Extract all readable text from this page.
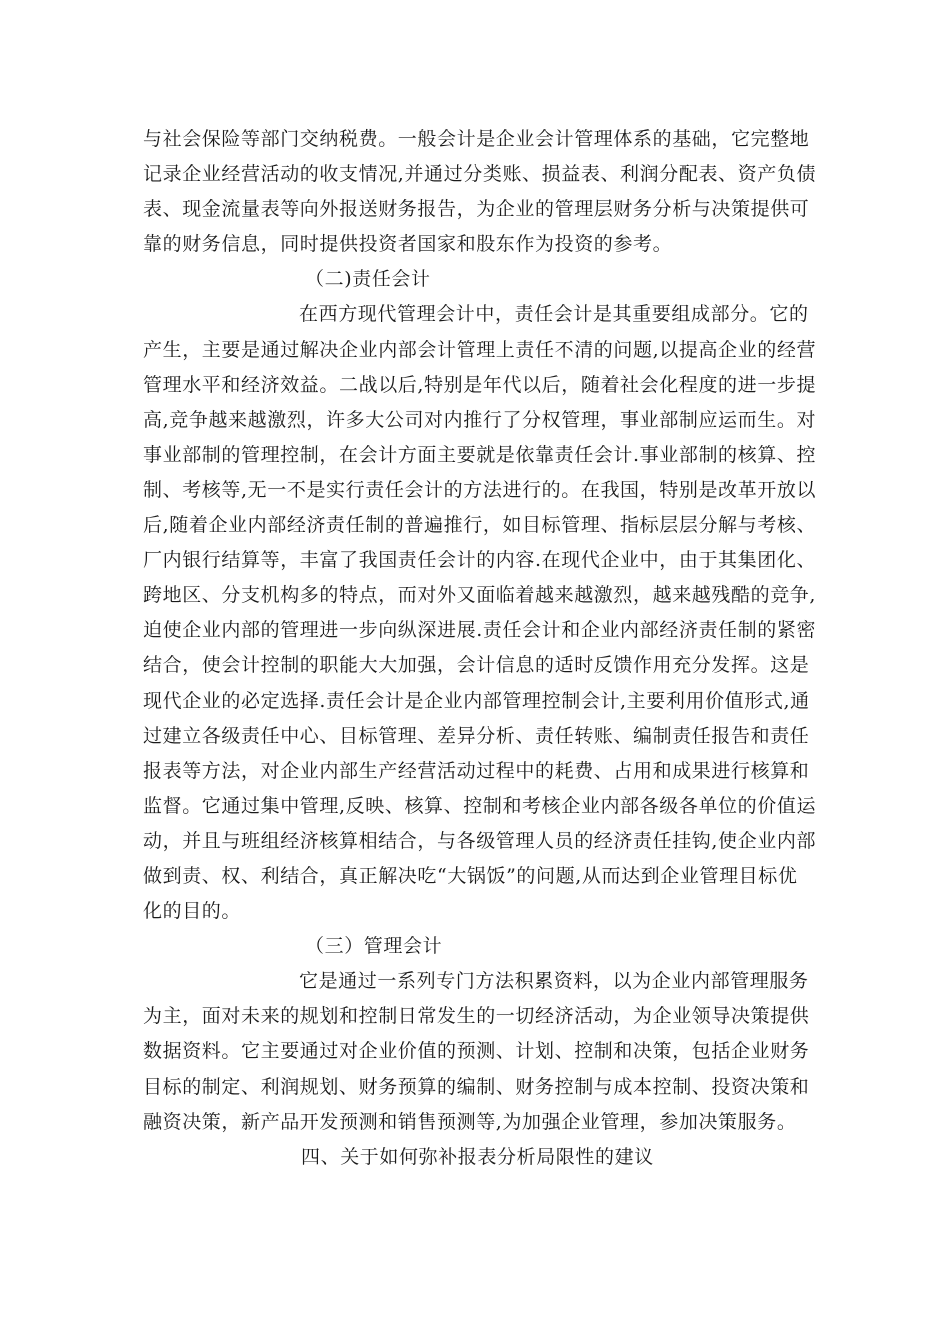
与社会保险等部门交纳税费。一般会计是企业会计管理体系的基础，它完整地
记录企业经营活动的收支情况,并通过分类账、损益表、利润分配表、资产负债
表、现金流量表等向外报送财务报告，为企业的管理层财务分析与决策提供可
靠的财务信息，同时提供投资者国家和股东作为投资的参考。
（二)责任会计
在西方现代管理会计中，责任会计是其重要组成部分。它的
产生，主要是通过解决企业内部会计管理上责任不清的问题,以提高企业的经营
管理水平和经济效益。二战以后,特别是年代以后，随着社会化程度的进一步提
高,竞争越来越激烈，许多大公司对内推行了分权管理，事业部制应运而生。对
事业部制的管理控制，在会计方面主要就是依靠责任会计.事业部制的核算、控
制、考核等,无一不是实行责任会计的方法进行的。在我国，特别是改革开放以
后,随着企业内部经济责任制的普遍推行，如目标管理、指标层层分解与考核、
厂内银行结算等，丰富了我国责任会计的内容.在现代企业中，由于其集团化、
跨地区、分支机构多的特点，而对外又面临着越来越激烈，越来越残酷的竞争,
迫使企业内部的管理进一步向纵深进展.责任会计和企业内部经济责任制的紧密
结合，使会计控制的职能大大加强，会计信息的适时反馈作用充分发挥。这是
现代企业的必定选择.责任会计是企业内部管理控制会计,主要利用价值形式,通
过建立各级责任中心、目标管理、差异分析、责任转账、编制责任报告和责任
报表等方法，对企业内部生产经营活动过程中的耗费、占用和成果进行核算和
监督。它通过集中管理,反映、核算、控制和考核企业内部各级各单位的价值运
动，并且与班组经济核算相结合，与各级管理人员的经济责任挂钩,使企业内部
做到责、权、利结合，真正解决吃“大锅饭”的问题,从而达到企业管理目标优
化的目的。
（三）管理会计
它是通过一系列专门方法积累资料，以为企业内部管理服务
为主，面对未来的规划和控制日常发生的一切经济活动，为企业领导决策提供
数据资料。它主要通过对企业价值的预测、计划、控制和决策，包括企业财务
目标的制定、利润规划、财务预算的编制、财务控制与成本控制、投资决策和
融资决策，新产品开发预测和销售预测等,为加强企业管理，参加决策服务。
四、关于如何弥补报表分析局限性的建议
